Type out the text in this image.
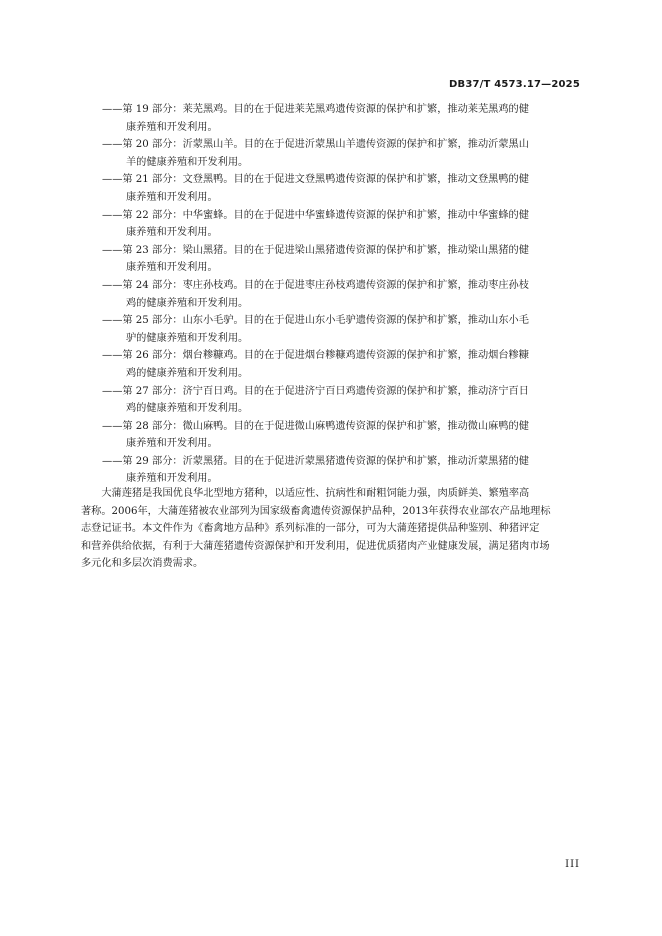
DB37/T 4573.17—2025
——第 19 部分：莱芜黑鸡。目的在于促进莱芜黑鸡遗传资源的保护和扩繁，推动莱芜黑鸡的健
康养殖和开发利用。
——第 20 部分：沂蒙黑山羊。目的在于促进沂蒙黑山羊遗传资源的保护和扩繁，推动沂蒙黑山
羊的健康养殖和开发利用。
——第 21 部分：文登黑鸭。目的在于促进文登黑鸭遗传资源的保护和扩繁，推动文登黑鸭的健
康养殖和开发利用。
——第 22 部分：中华蜜蜂。目的在于促进中华蜜蜂遗传资源的保护和扩繁，推动中华蜜蜂的健
康养殖和开发利用。
——第 23 部分：梁山黑猪。目的在于促进梁山黑猪遗传资源的保护和扩繁，推动梁山黑猪的健
康养殖和开发利用。
——第 24 部分：枣庄孙枝鸡。目的在于促进枣庄孙枝鸡遗传资源的保护和扩繁，推动枣庄孙枝
鸡的健康养殖和开发利用。
——第 25 部分：山东小毛驴。目的在于促进山东小毛驴遗传资源的保护和扩繁，推动山东小毛
驴的健康养殖和开发利用。
——第 26 部分：烟台糁糠鸡。目的在于促进烟台糁糠鸡遗传资源的保护和扩繁，推动烟台糁糠
鸡的健康养殖和开发利用。
——第 27 部分：济宁百日鸡。目的在于促进济宁百日鸡遗传资源的保护和扩繁，推动济宁百日
鸡的健康养殖和开发利用。
——第 28 部分：微山麻鸭。目的在于促进微山麻鸭遗传资源的保护和扩繁，推动微山麻鸭的健
康养殖和开发利用。
——第 29 部分：沂蒙黑猪。目的在于促进沂蒙黑猪遗传资源的保护和扩繁，推动沂蒙黑猪的健
康养殖和开发利用。
　　大蒲莲猪是我国优良华北型地方猪种，以适应性、抗病性和耐粗饲能力强，肉质鲜美、繁殖率高
著称。2006年，大蒲莲猪被农业部列为国家级畜禽遗传资源保护品种，2013年获得农业部农产品地理标
志登记证书。本文件作为《畜禽地方品种》系列标准的一部分，可为大蒲莲猪提供品种鉴别、种猪评定
和营养供给依据，有利于大蒲莲猪遗传资源保护和开发利用，促进优质猪肉产业健康发展，满足猪肉市场
多元化和多层次消费需求。
III
